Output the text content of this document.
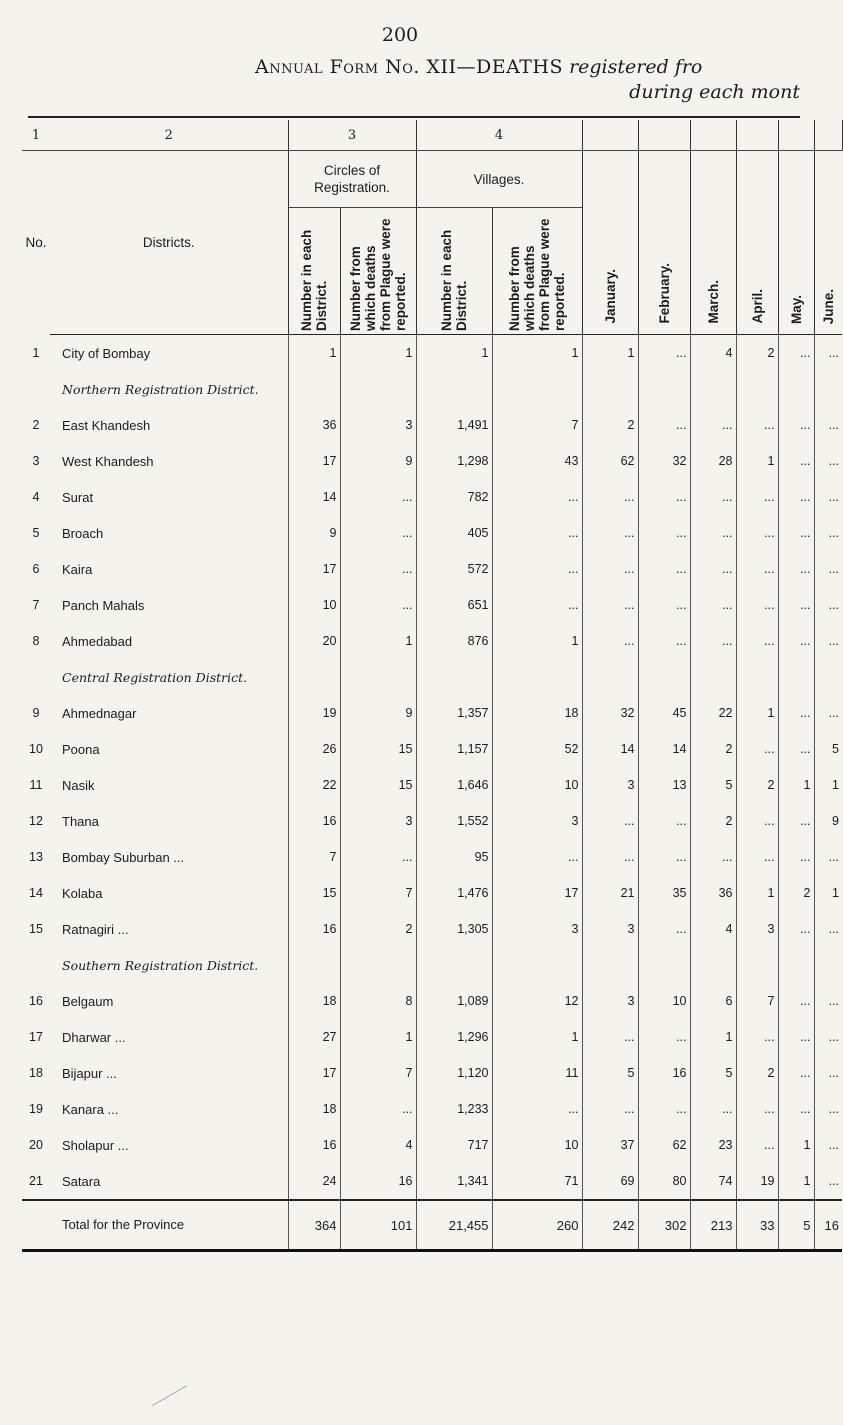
200
Annual Form No. XII—DEATHS registered fro
during each mont
1	2	3		4							
No.	Districts.	Circles of Registration.		Villages.		January.	February.	March.	April.	May.	June.
		Number in each District.	Number from which deaths from Plague were reported.	Number in each District.	Number from which deaths from Plague were reported.						
1	City of Bombay	1	1	1	1	1	...	4	2	...	...
	Northern Registration District.										
2	East Khandesh	36	3	1,491	7	2	...	...	...	...	...
3	West Khandesh	17	9	1,298	43	62	32	28	1	...	...
4	Surat	14	...	782	...	...	...	...	...	...	...
5	Broach	9	...	405	...	...	...	...	...	...	...
6	Kaira	17	...	572	...	...	...	...	...	...	...
7	Panch Mahals	10	...	651	...	...	...	...	...	...	...
8	Ahmedabad	20	1	876	1	...	...	...	...	...	...
	Central Registration District.										
9	Ahmednagar	19	9	1,357	18	32	45	22	1	...	...
10	Poona	26	15	1,157	52	14	14	2	...	...	5
11	Nasik	22	15	1,646	10	3	13	5	2	1	1
12	Thana	16	3	1,552	3	...	...	2	...	...	9
13	Bombay Suburban ...	7	...	95	...	...	...	...	...	...	...
14	Kolaba	15	7	1,476	17	21	35	36	1	2	1
15	Ratnagiri ...	16	2	1,305	3	3	...	4	3	...	...
	Southern Registration District.										
16	Belgaum	18	8	1,089	12	3	10	6	7	...	...
17	Dharwar ...	27	1	1,296	1	...	...	1	...	...	...
18	Bijapur ...	17	7	1,120	11	5	16	5	2	...	...
19	Kanara ...	18	...	1,233	...	...	...	...	...	...	...
20	Sholapur ...	16	4	717	10	37	62	23	...	1	...
21	Satara	24	16	1,341	71	69	80	74	19	1	...
	Total for the Province	364	101	21,455	260	242	302	213	33	5	16
